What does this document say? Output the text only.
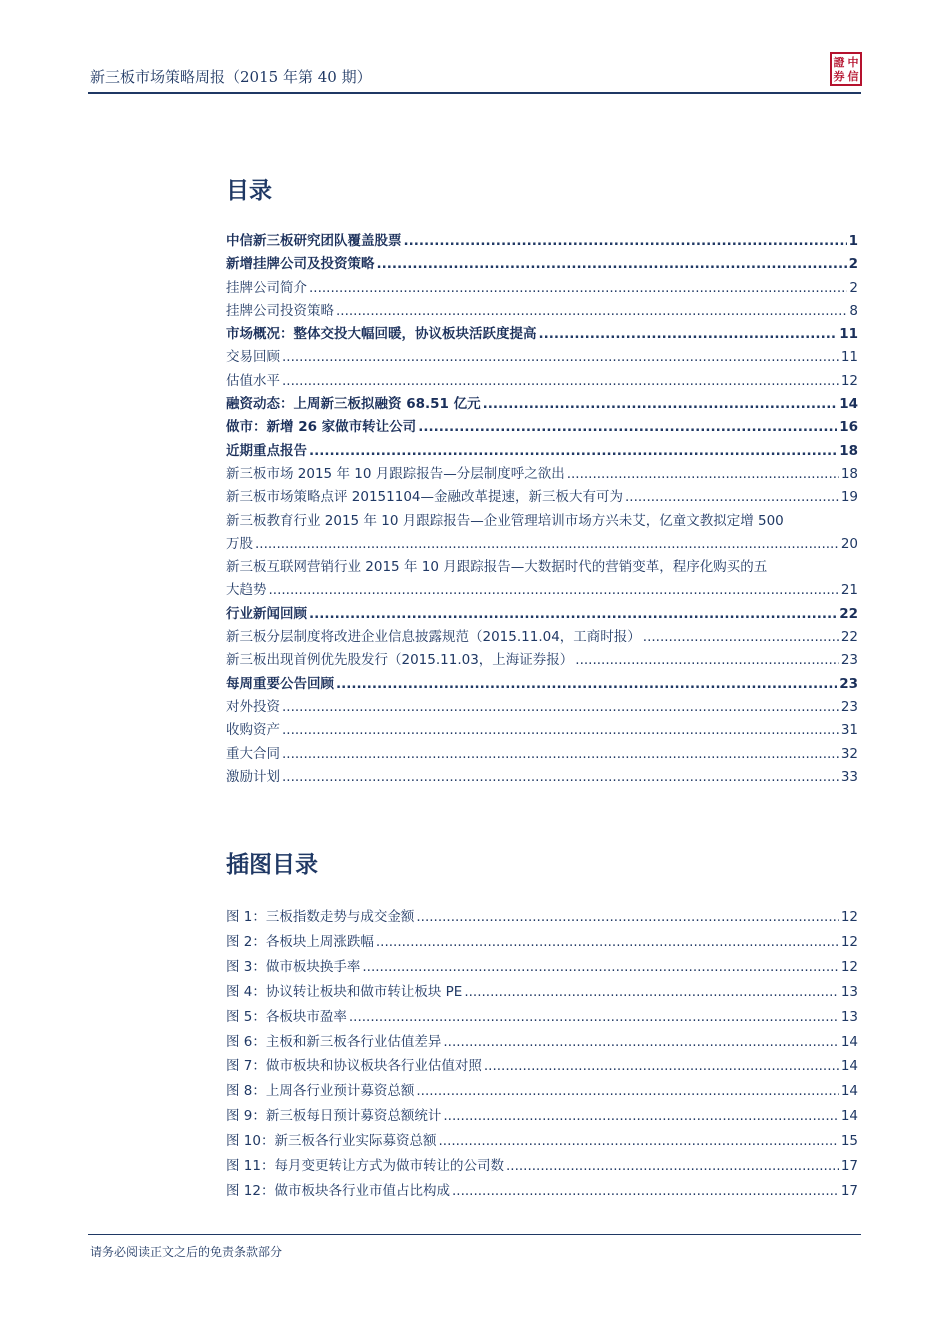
新三板市场策略周报（2015 年第 40 期）
證 中
券 信
目录
中信新三板研究团队覆盖股票 .....	1
新增挂牌公司及投资策略 .....	2
挂牌公司简介 .....	2
挂牌公司投资策略 .....	8
市场概况：整体交投大幅回暖，协议板块活跃度提高 .....	11
交易回顾 .....	11
估值水平 .....	12
融资动态：上周新三板拟融资 68.51 亿元 .....	14
做市：新增 26 家做市转让公司 .....	16
近期重点报告 .....	18
新三板市场 2015 年 10 月跟踪报告—分层制度呼之欲出 .....	18
新三板市场策略点评 20151104—金融改革提速，新三板大有可为 .....	19
新三板教育行业 2015 年 10 月跟踪报告—企业管理培训市场方兴未艾，亿童文教拟定增 500
万股 .....	20
新三板互联网营销行业 2015 年 10 月跟踪报告—大数据时代的营销变革，程序化购买的五
大趋势 .....	21
行业新闻回顾 .....	22
新三板分层制度将改进企业信息披露规范（2015.11.04，工商时报） .....	22
新三板出现首例优先股发行（2015.11.03，上海证券报） .....	23
每周重要公告回顾 .....	23
对外投资 .....	23
收购资产 .....	31
重大合同 .....	32
激励计划 .....	33
插图目录
图 1：三板指数走势与成交金额 .....	12
图 2：各板块上周涨跌幅 .....	12
图 3：做市板块换手率 .....	12
图 4：协议转让板块和做市转让板块 PE .....	13
图 5：各板块市盈率 .....	13
图 6：主板和新三板各行业估值差异 .....	14
图 7：做市板块和协议板块各行业估值对照 .....	14
图 8：上周各行业预计募资总额 .....	14
图 9：新三板每日预计募资总额统计 .....	14
图 10：新三板各行业实际募资总额 .....	15
图 11：每月变更转让方式为做市转让的公司数 .....	17
图 12：做市板块各行业市值占比构成 .....	17
请务必阅读正文之后的免责条款部分
